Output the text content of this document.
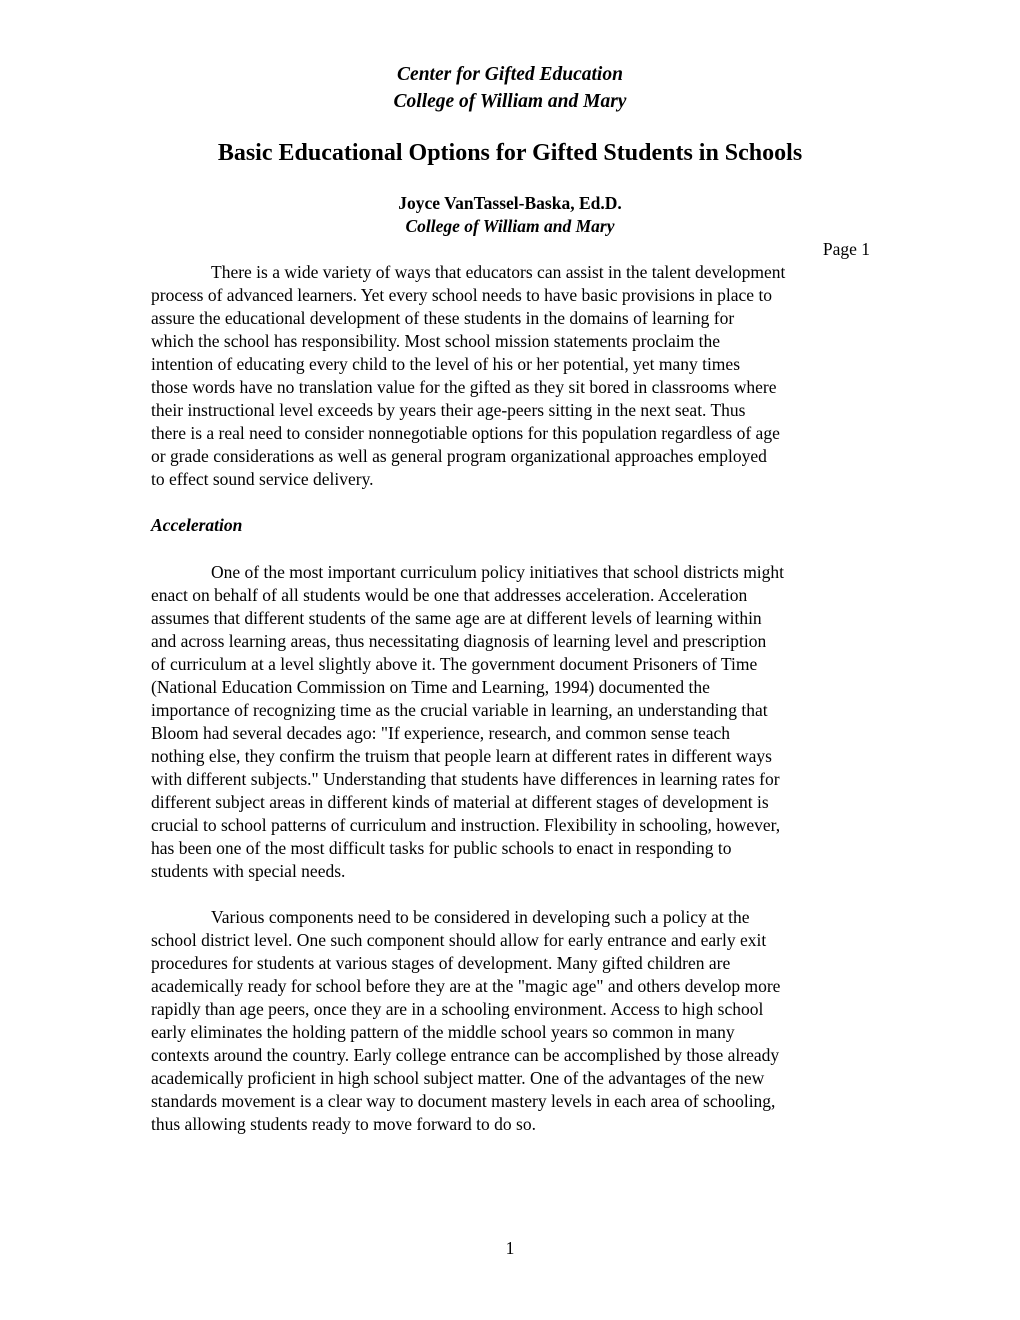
Center for Gifted Education
College of William and Mary
Basic Educational Options for Gifted Students in Schools
Joyce VanTassel-Baska, Ed.D.
College of William and Mary
Page 1
There is a wide variety of ways that educators can assist in the talent development
process of advanced learners. Yet every school needs to have basic provisions in place to
assure the educational development of these students in the domains of learning for
which the school has responsibility. Most school mission statements proclaim the
intention of educating every child to the level of his or her potential, yet many times
those words have no translation value for the gifted as they sit bored in classrooms where
their instructional level exceeds by years their age-peers sitting in the next seat. Thus
there is a real need to consider nonnegotiable options for this population regardless of age
or grade considerations as well as general program organizational approaches employed
to effect sound service delivery.
Acceleration
One of the most important curriculum policy initiatives that school districts might
enact on behalf of all students would be one that addresses acceleration. Acceleration
assumes that different students of the same age are at different levels of learning within
and across learning areas, thus necessitating diagnosis of learning level and prescription
of curriculum at a level slightly above it. The government document Prisoners of Time
(National Education Commission on Time and Learning, 1994) documented the
importance of recognizing time as the crucial variable in learning, an understanding that
Bloom had several decades ago: "If experience, research, and common sense teach
nothing else, they confirm the truism that people learn at different rates in different ways
with different subjects." Understanding that students have differences in learning rates for
different subject areas in different kinds of material at different stages of development is
crucial to school patterns of curriculum and instruction. Flexibility in schooling, however,
has been one of the most difficult tasks for public schools to enact in responding to
students with special needs.
Various components need to be considered in developing such a policy at the
school district level. One such component should allow for early entrance and early exit
procedures for students at various stages of development. Many gifted children are
academically ready for school before they are at the "magic age" and others develop more
rapidly than age peers, once they are in a schooling environment. Access to high school
early eliminates the holding pattern of the middle school years so common in many
contexts around the country. Early college entrance can be accomplished by those already
academically proficient in high school subject matter. One of the advantages of the new
standards movement is a clear way to document mastery levels in each area of schooling,
thus allowing students ready to move forward to do so.
1
